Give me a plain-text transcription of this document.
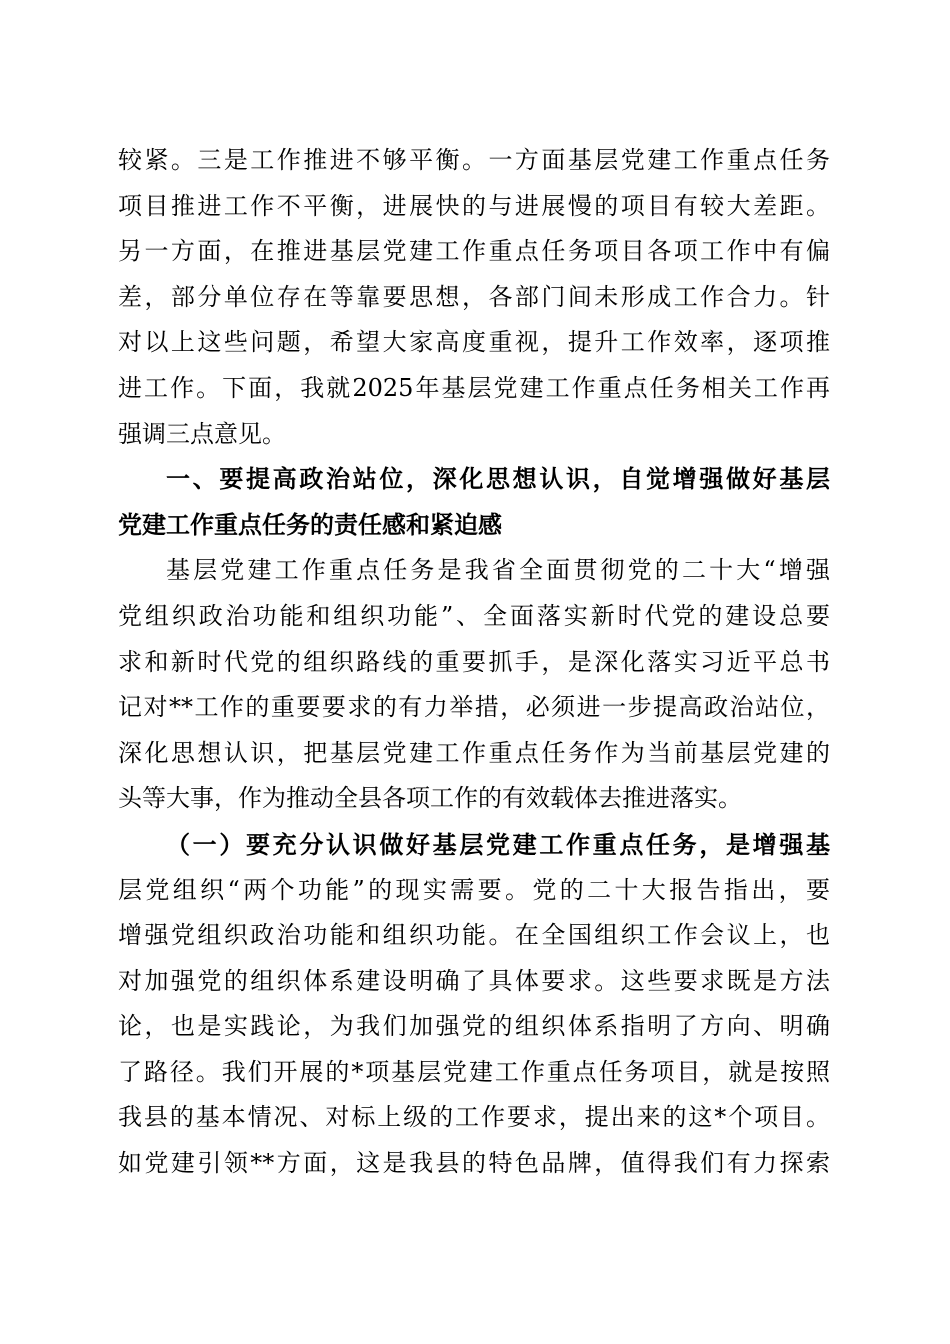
较紧。三是工作推进不够平衡。一方面基层党建工作重点任务
项目推进工作不平衡，进展快的与进展慢的项目有较大差距。
另一方面，在推进基层党建工作重点任务项目各项工作中有偏
差，部分单位存在等靠要思想，各部门间未形成工作合力。针
对以上这些问题，希望大家高度重视，提升工作效率，逐项推
进工作。下面，我就2025年基层党建工作重点任务相关工作再
强调三点意见。
一、要提高政治站位，深化思想认识，自觉增强做好基层
党建工作重点任务的责任感和紧迫感
基层党建工作重点任务是我省全面贯彻党的二十大“增强
党组织政治功能和组织功能”、全面落实新时代党的建设总要
求和新时代党的组织路线的重要抓手，是深化落实习近平总书
记对**工作的重要要求的有力举措，必须进一步提高政治站位，
深化思想认识，把基层党建工作重点任务作为当前基层党建的
头等大事，作为推动全县各项工作的有效载体去推进落实。
（一）要充分认识做好基层党建工作重点任务，是增强基
层党组织“两个功能”的现实需要。党的二十大报告指出，要
增强党组织政治功能和组织功能。在全国组织工作会议上，也
对加强党的组织体系建设明确了具体要求。这些要求既是方法
论，也是实践论，为我们加强党的组织体系指明了方向、明确
了路径。我们开展的*项基层党建工作重点任务项目，就是按照
我县的基本情况、对标上级的工作要求，提出来的这*个项目。
如党建引领**方面，这是我县的特色品牌，值得我们有力探索
